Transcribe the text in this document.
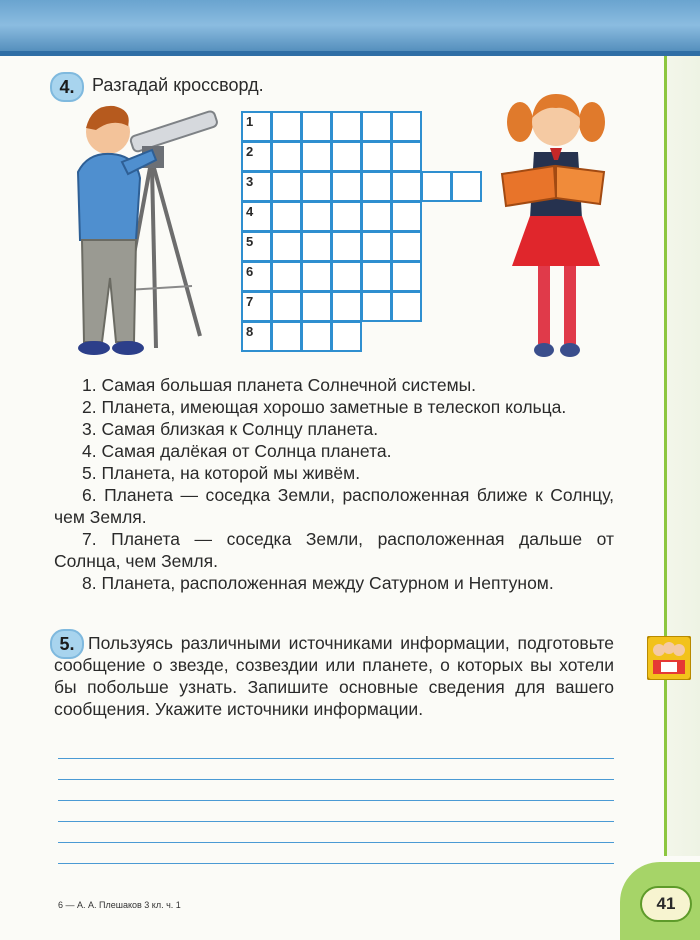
4. Разгадай кроссворд.
1
2
3
4
5
6
7
8

1. Самая большая планета Солнечной системы.

2. Планета, имеющая хорошо заметные в телескоп кольца.

3. Самая близкая к Солнцу планета.

4. Самая далёкая от Солнца планета.

5. Планета, на которой мы живём.

6. Планета — соседка Земли, расположенная ближе к Солнцу, чем Земля.

7. Планета — соседка Земли, расположенная дальше от Солнца, чем Земля.

8. Планета, расположенная между Сатурном и Нептуном.

5. Пользуясь различными источниками информации, подготовьте сообщение о звезде, созвездии или планете, о которых вы хотели бы побольше узнать. Запишите основные сведения для вашего сообщения. Укажите источники информации.

6 — А. А. Плешаков 3 кл. ч. 1	41
